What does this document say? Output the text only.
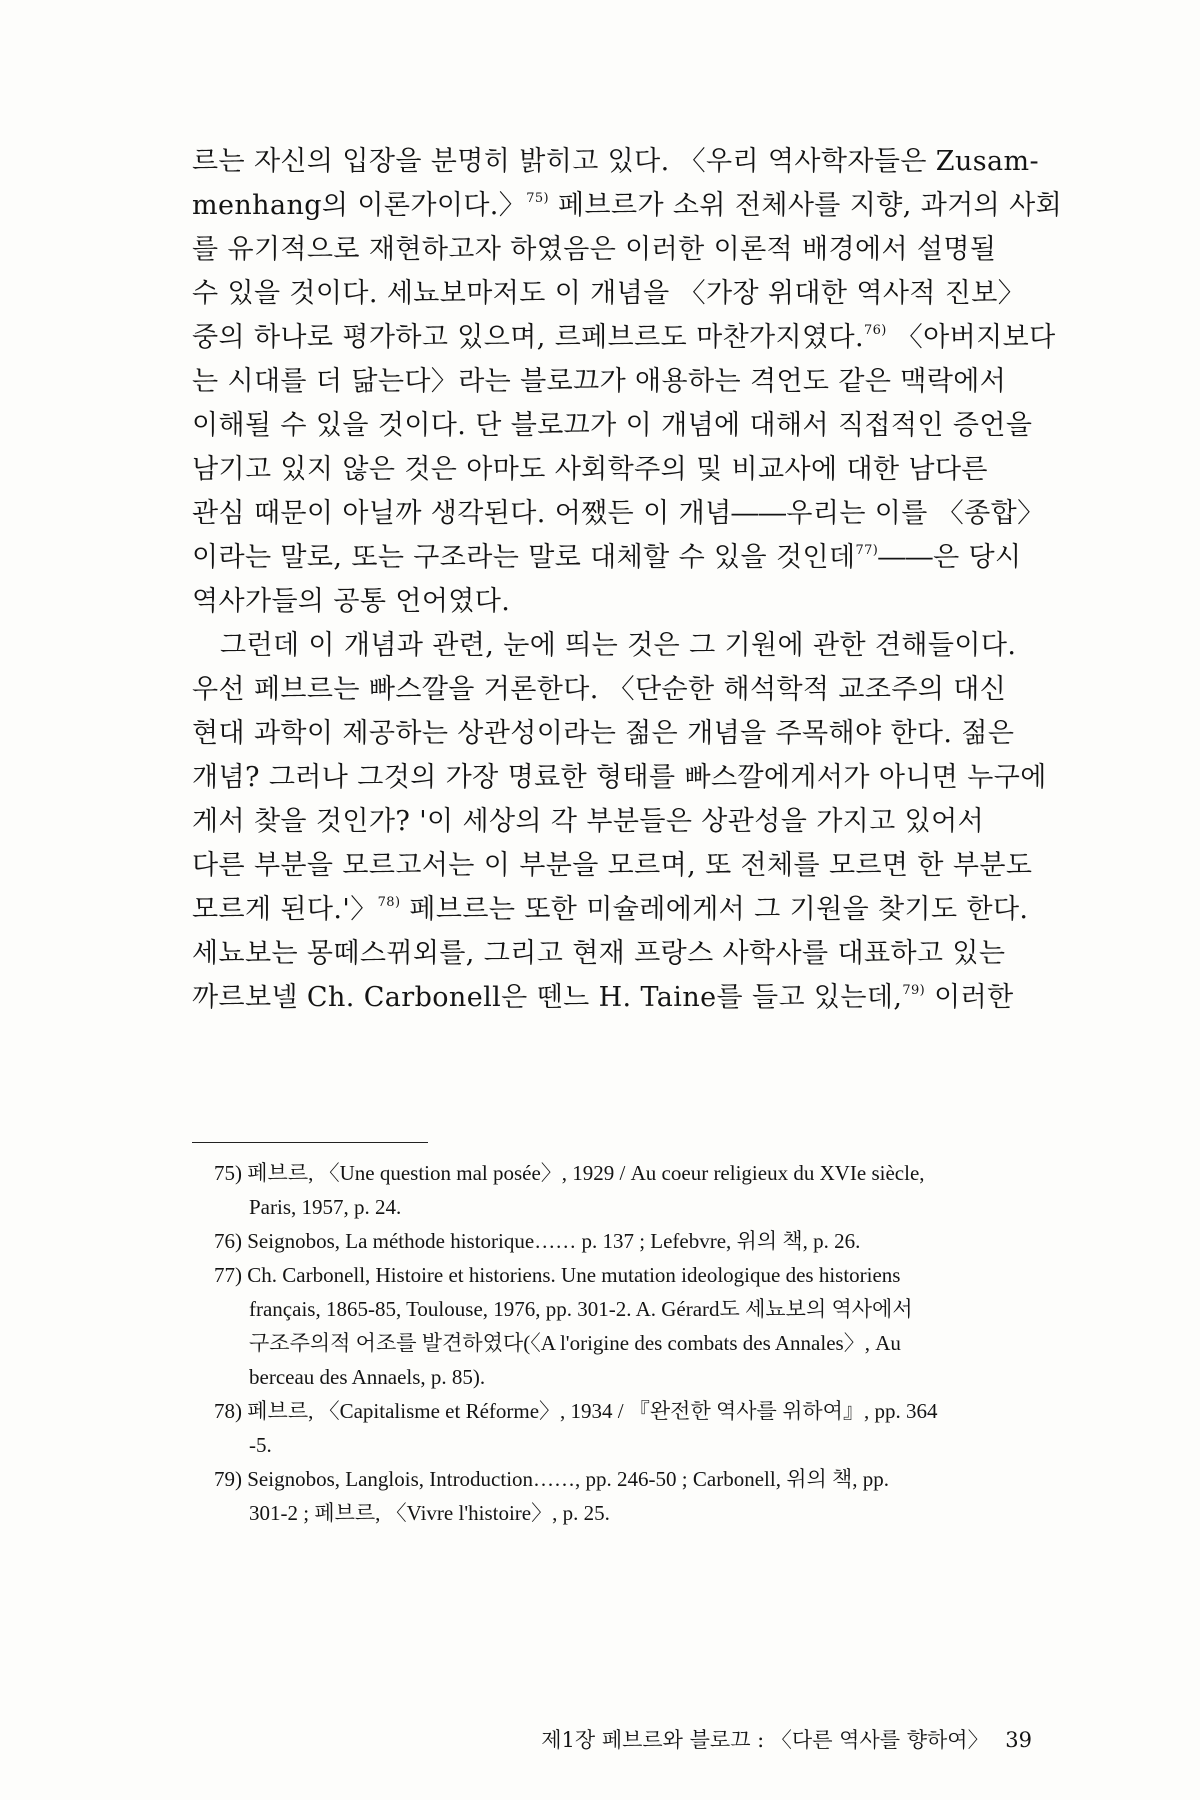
르는 자신의 입장을 분명히 밝히고 있다. 〈우리 역사학자들은 Zusam-
menhang의 이론가이다.〉$^{75)}$ 페브르가 소위 전체사를 지향, 과거의 사회
를 유기적으로 재현하고자 하였음은 이러한 이론적 배경에서 설명될
수 있을 것이다. 세뇨보마저도 이 개념을 〈가장 위대한 역사적 진보〉
중의 하나로 평가하고 있으며, 르페브르도 마찬가지였다.$^{76)}$ 〈아버지보다
는 시대를 더 닮는다〉라는 블로끄가 애용하는 격언도 같은 맥락에서
이해될 수 있을 것이다. 단 블로끄가 이 개념에 대해서 직접적인 증언을
남기고 있지 않은 것은 아마도 사회학주의 및 비교사에 대한 남다른
관심 때문이 아닐까 생각된다. 어쨌든 이 개념――우리는 이를 〈종합〉
이라는 말로, 또는 구조라는 말로 대체할 수 있을 것인데$^{77)}$――은 당시
역사가들의 공통 언어였다.
그런데 이 개념과 관련, 눈에 띄는 것은 그 기원에 관한 견해들이다.
우선 페브르는 빠스깔을 거론한다. 〈단순한 해석학적 교조주의 대신
현대 과학이 제공하는 상관성이라는 젊은 개념을 주목해야 한다. 젊은
개념? 그러나 그것의 가장 명료한 형태를 빠스깔에게서가 아니면 누구에
게서 찾을 것인가? '이 세상의 각 부분들은 상관성을 가지고 있어서
다른 부분을 모르고서는 이 부분을 모르며, 또 전체를 모르면 한 부분도
모르게 된다.'〉$^{78)}$ 페브르는 또한 미슐레에게서 그 기원을 찾기도 한다.
세뇨보는 몽떼스뀌외를, 그리고 현재 프랑스 사학사를 대표하고 있는
까르보넬 Ch. Carbonell은 뗀느 H. Taine를 들고 있는데,$^{79)}$ 이러한
75) 페브르, 〈Une question mal posée〉, 1929 / Au coeur religieux du XVIe siècle,
Paris, 1957, p. 24.
76) Seignobos, La méthode historique…… p. 137 ; Lefebvre, 위의 책, p. 26.
77) Ch. Carbonell, Histoire et historiens. Une mutation ideologique des historiens
français, 1865-85, Toulouse, 1976, pp. 301-2. A. Gérard도 세뇨보의 역사에서
구조주의적 어조를 발견하였다(〈A l'origine des combats des Annales〉, Au
berceau des Annaels, p. 85).
78) 페브르, 〈Capitalisme et Réforme〉, 1934 / 『완전한 역사를 위하여』, pp. 364
-5.
79) Seignobos, Langlois, Introduction……, pp. 246-50 ; Carbonell, 위의 책, pp.
301-2 ; 페브르, 〈Vivre l'histoire〉, p. 25.
제1장 페브르와 블로끄 : 〈다른 역사를 향하여〉 39
